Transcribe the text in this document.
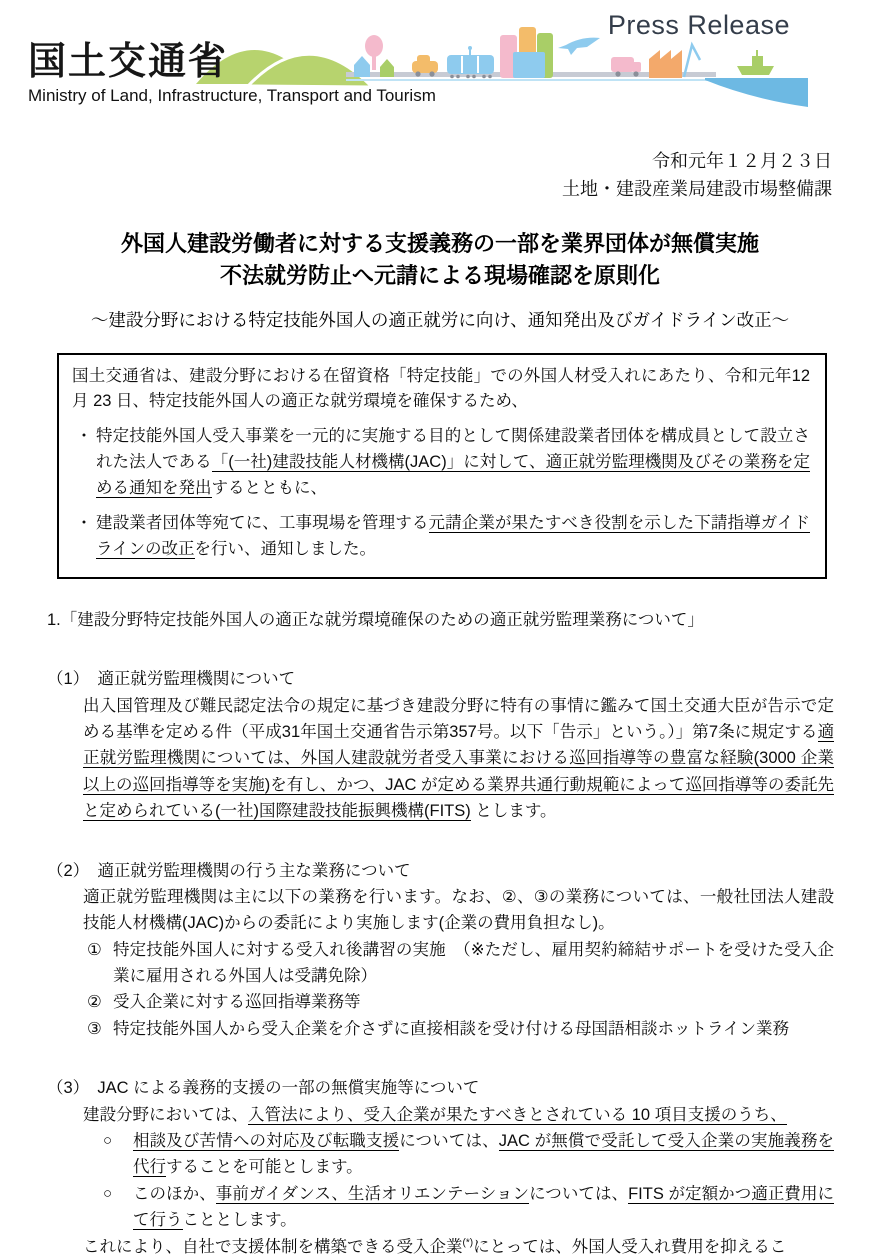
国土交通省
Ministry of Land, Infrastructure, Transport and Tourism
Press Release
令和元年１２月２３日
土地・建設産業局建設市場整備課
外国人建設労働者に対する支援義務の一部を業界団体が無償実施
不法就労防止へ元請による現場確認を原則化
～建設分野における特定技能外国人の適正就労に向け、通知発出及びガイドライン改正～
国土交通省は、建設分野における在留資格「特定技能」での外国人材受入れにあたり、令和元年12 月 23 日、特定技能外国人の適正な就労環境を確保するため、
・ 特定技能外国人受入事業を一元的に実施する目的として関係建設業者団体を構成員として設立された法人である「(一社)建設技能人材機構(JAC)」に対して、適正就労監理機関及びその業務を定める通知を発出するとともに、
・ 建設業者団体等宛てに、工事現場を管理する元請企業が果たすべき役割を示した下請指導ガイドラインの改正を行い、通知しました。
1.「建設分野特定技能外国人の適正な就労環境確保のための適正就労監理業務について」
（1）　適正就労監理機関について
出入国管理及び難民認定法令の規定に基づき建設分野に特有の事情に鑑みて国土交通大臣が告示で定める基準を定める件（平成31年国土交通省告示第357号。以下「告示」という。）」第7条に規定する適正就労監理機関については、外国人建設就労者受入事業における巡回指導等の豊富な経験(3000 企業以上の巡回指導等を実施)を有し、かつ、JAC が定める業界共通行動規範によって巡回指導等の委託先と定められている(一社)国際建設技能振興機構(FITS) とします。
（2）　適正就労監理機関の行う主な業務について
適正就労監理機関は主に以下の業務を行います。なお、②、③の業務については、一般社団法人建設技能人材機構(JAC)からの委託により実施します(企業の費用負担なし)。
① 特定技能外国人に対する受入れ後講習の実施　（※ただし、雇用契約締結サポートを受けた受入企業に雇用される外国人は受講免除）
② 受入企業に対する巡回指導業務等
③ 特定技能外国人から受入企業を介さずに直接相談を受け付ける母国語相談ホットライン業務
（3）　JAC による義務的支援の一部の無償実施等について
建設分野においては、入管法により、受入企業が果たすべきとされている 10 項目支援のうち、
○	相談及び苦情への対応及び転職支援については、JAC が無償で受託して受入企業の実施義務を代行することを可能とします。
○	このほか、事前ガイダンス、生活オリエンテーションについては、FITS が定額かつ適正費用にて行うこととします。
これにより、自社で支援体制を構築できる受入企業(*)にとっては、外国人受入れ費用を抑えるこ
